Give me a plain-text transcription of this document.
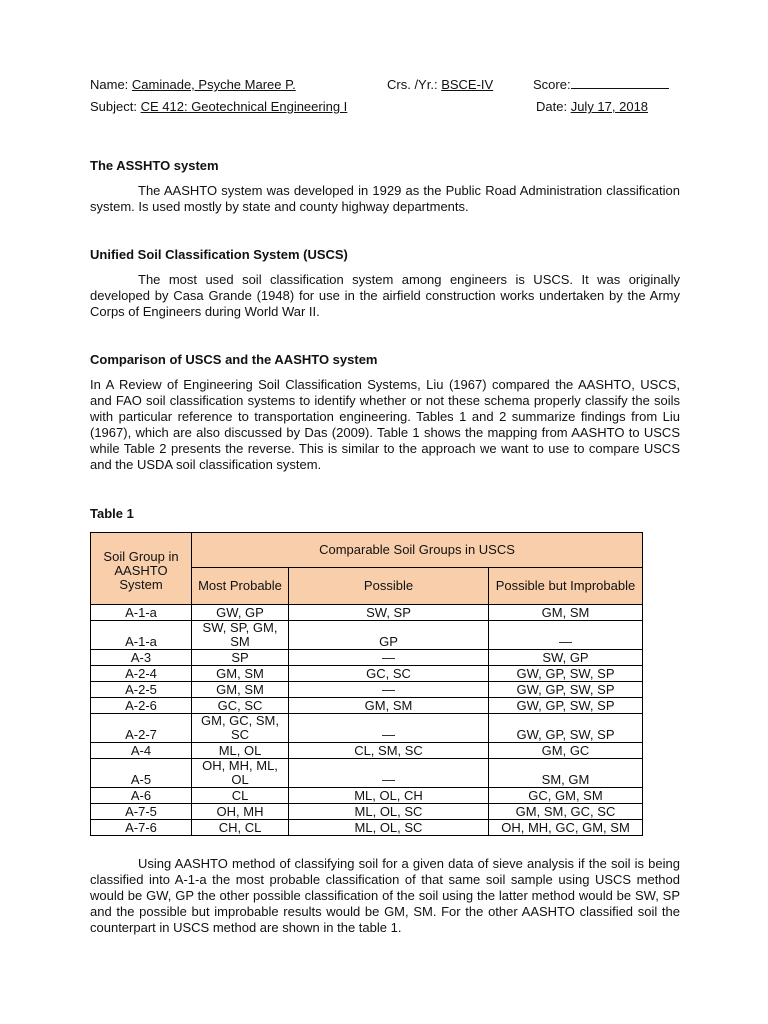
Name: Caminade, Psyche Maree P.	Crs. /Yr.: BSCE-IV	Score:
Subject: CE 412: Geotechnical Engineering I	Date: July 17, 2018
The ASSHTO system

The AASHTO system was developed in 1929 as the Public Road Administration classification system. Is used mostly by state and county highway departments.

Unified Soil Classification System (USCS)

The most used soil classification system among engineers is USCS. It was originally developed by Casa Grande (1948) for use in the airfield construction works undertaken by the Army Corps of Engineers during World War II.

Comparison of USCS and the AASHTO system

In A Review of Engineering Soil Classification Systems, Liu (1967) compared the AASHTO, USCS, and FAO soil classification systems to identify whether or not these schema properly classify the soils with particular reference to transportation engineering. Tables 1 and 2 summarize findings from Liu (1967), which are also discussed by Das (2009). Table 1 shows the mapping from AASHTO to USCS while Table 2 presents the reverse. This is similar to the approach we want to use to compare USCS and the USDA soil classification system.

Table 1
Soil Group in AASHTO System	Comparable Soil Groups in USCS		
	Most Probable	Possible	Possible but Improbable
A-1-a	GW, GP	SW, SP	GM, SM
A-1-a	SW, SP, GM, SM	GP	—
A-3	SP	—	SW, GP
A-2-4	GM, SM	GC, SC	GW, GP, SW, SP
A-2-5	GM, SM	—	GW, GP, SW, SP
A-2-6	GC, SC	GM, SM	GW, GP, SW, SP
A-2-7	GM, GC, SM, SC	—	GW, GP, SW, SP
A-4	ML, OL	CL, SM, SC	GM, GC
A-5	OH, MH, ML, OL	—	SM, GM
A-6	CL	ML, OL, CH	GC, GM, SM
A-7-5	OH, MH	ML, OL, SC	GM, SM, GC, SC
A-7-6	CH, CL	ML, OL, SC	OH, MH, GC, GM, SM

Using AASHTO method of classifying soil for a given data of sieve analysis if the soil is being classified into A-1-a the most probable classification of that same soil sample using USCS method would be GW, GP the other possible classification of the soil using the latter method would be SW, SP and the possible but improbable results would be GM, SM. For the other AASHTO classified soil the counterpart in USCS method are shown in the table 1.
